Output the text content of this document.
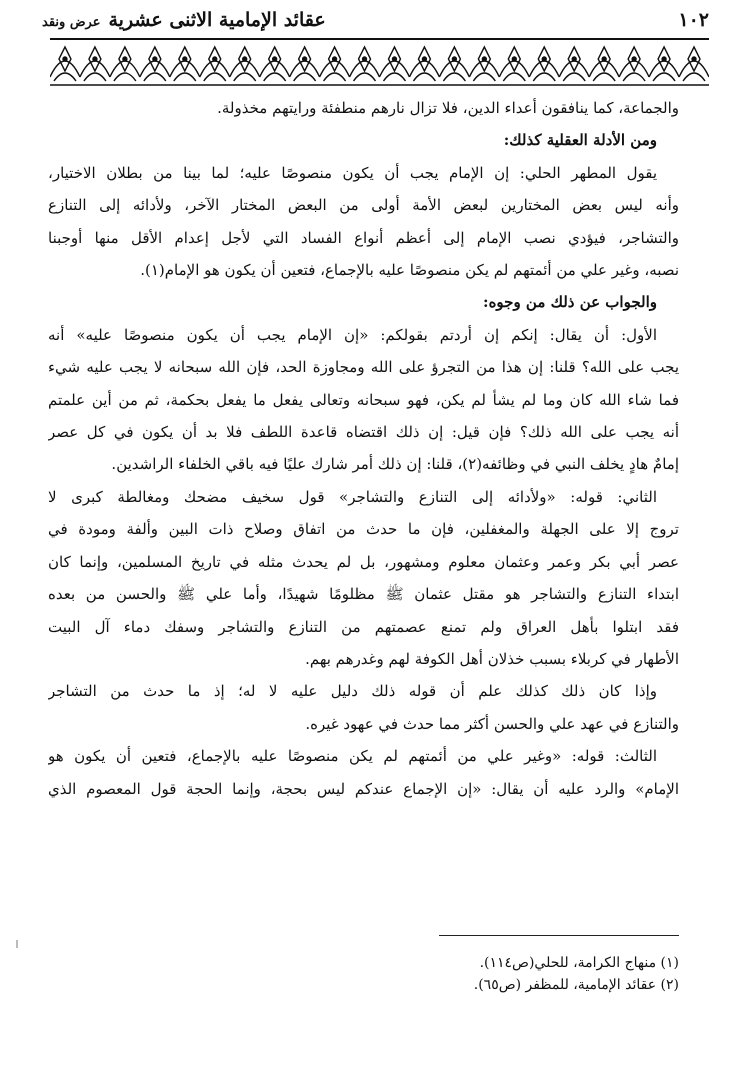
١٠٢
عقائد الإمامية الاثنى عشريةعرض ونقد
والجماعة، كما ينافقون أعداء الدين، فلا تزال نارهم منطفئة ورايتهم مخذولة.
ومن الأدلة العقلية كذلك:
يقول المطهر الحلي: إن الإمام يجب أن يكون منصوصًا عليه؛ لما بينا من بطلان الاختيار،
وأنه ليس بعض المختارين لبعض الأمة أولى من البعض المختار الآخر، ولأدائه إلى التنازع
والتشاجر، فيؤدي نصب الإمام إلى أعظم أنواع الفساد التي لأجل إعدام الأقل منها أوجبنا
نصبه، وغير علي من أئمتهم لم يكن منصوصًا عليه بالإجماع، فتعين أن يكون هو الإمام(١).
والجواب عن ذلك من وجوه:
الأول: أن يقال: إنكم إن أردتم بقولكم: «إن الإمام يجب أن يكون منصوصًا عليه» أنه
يجب على الله؟ قلنا: إن هذا من التجرؤ على الله ومجاوزة الحد، فإن الله سبحانه لا يجب عليه شيء
فما شاء الله كان وما لم يشأ لم يكن، فهو سبحانه وتعالى يفعل ما يفعل بحكمة، ثم من أين علمتم
أنه يجب على الله ذلك؟ فإن قيل: إن ذلك اقتضاه قاعدة اللطف فلا بد أن يكون في كل عصر
إمامٌ هادٍ يخلف النبي في وظائفه(٢)، قلنا: إن ذلك أمر شارك عليًا فيه باقي الخلفاء الراشدين.
الثاني: قوله: «ولأدائه إلى التنازع والتشاجر» قول سخيف مضحك ومغالطة كبرى لا
تروج إلا على الجهلة والمغفلين، فإن ما حدث من اتفاق وصلاح ذات البين وألفة ومودة في
عصر أبي بكر وعمر وعثمان معلوم ومشهور، بل لم يحدث مثله في تاريخ المسلمين، وإنما كان
ابتداء التنازع والتشاجر هو مقتل عثمان ﷺ مظلومًا شهيدًا، وأما علي ﷺ والحسن من بعده
فقد ابتلوا بأهل العراق ولم تمنع عصمتهم من التنازع والتشاجر وسفك دماء آل البيت
الأطهار في كربلاء بسبب خذلان أهل الكوفة لهم وغدرهم بهم.
وإذا كان ذلك كذلك علم أن قوله ذلك دليل عليه لا له؛ إذ ما حدث من التشاجر
والتنازع في عهد علي والحسن أكثر مما حدث في عهود غيره.
الثالث: قوله: «وغير علي من أئمتهم لم يكن منصوصًا عليه بالإجماع، فتعين أن يكون هو
الإمام» والرد عليه أن يقال: «إن الإجماع عندكم ليس بحجة، وإنما الحجة قول المعصوم الذي
(١) منهاج الكرامة، للحلي(ص١١٤).
(٢) عقائد الإمامية، للمظفر (ص٦٥).
